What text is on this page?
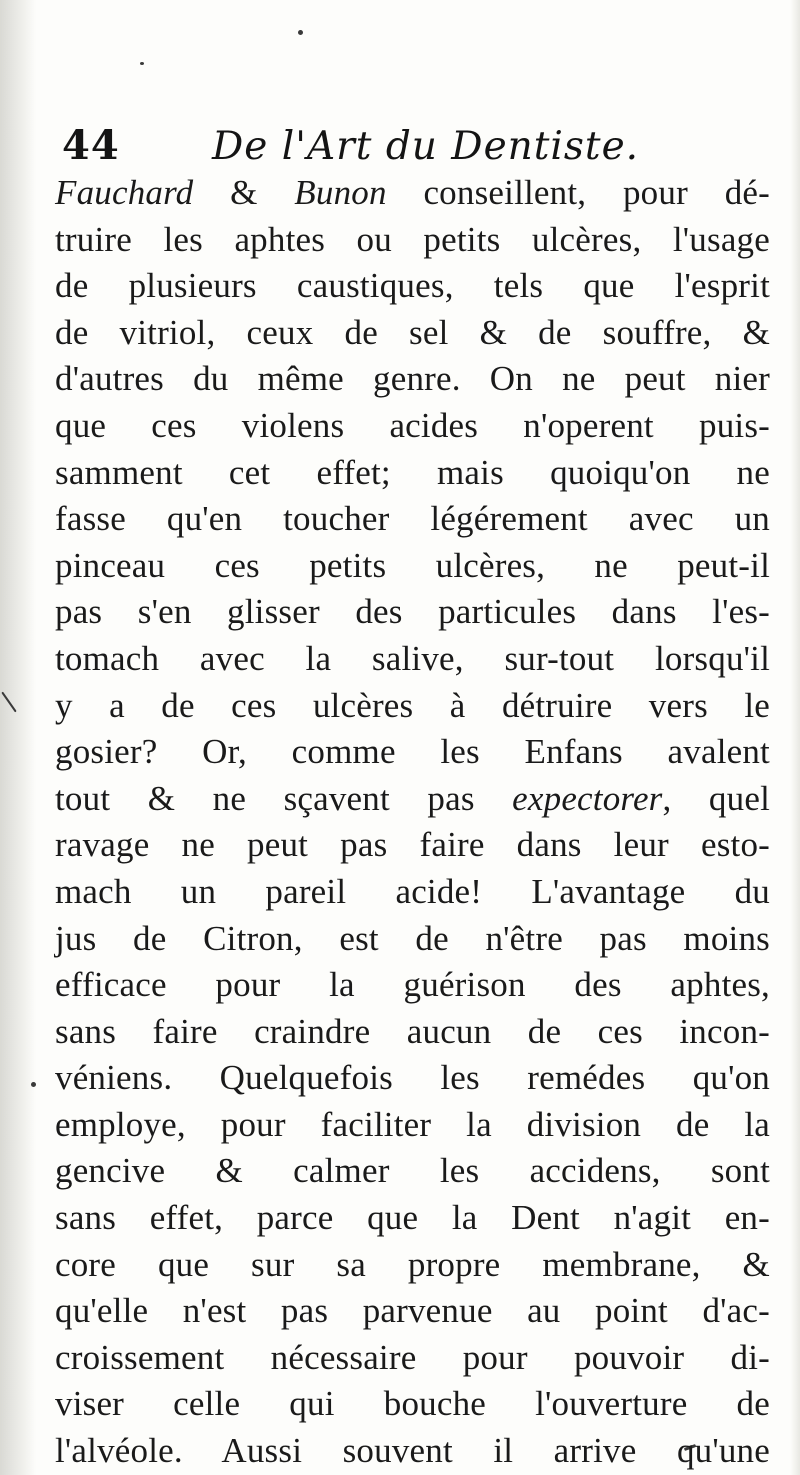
44 De l'Art du Dentiste.
Fauchard & Bunon conseillent, pour dé-
truire les aphtes ou petits ulcères, l'usage
de plusieurs caustiques, tels que l'esprit
de vitriol, ceux de sel & de souffre, &
d'autres du même genre. On ne peut nier
que ces violens acides n'operent puis-
samment cet effet; mais quoiqu'on ne
fasse qu'en toucher légérement avec un
pinceau ces petits ulcères, ne peut-il
pas s'en glisser des particules dans l'es-
tomach avec la salive, sur-tout lorsqu'il
y a de ces ulcères à détruire vers le
gosier? Or, comme les Enfans avalent
tout & ne sçavent pas expectorer, quel
ravage ne peut pas faire dans leur esto-
mach un pareil acide! L'avantage du
jus de Citron, est de n'être pas moins
efficace pour la guérison des aphtes,
sans faire craindre aucun de ces incon-
véniens. Quelquefois les remédes qu'on
employe, pour faciliter la division de la
gencive & calmer les accidens, sont
sans effet, parce que la Dent n'agit en-
core que sur sa propre membrane, &
qu'elle n'est pas parvenue au point d'ac-
croissement nécessaire pour pouvoir di-
viser celle qui bouche l'ouverture de
l'alvéole. Aussi souvent il arrive qu'une
